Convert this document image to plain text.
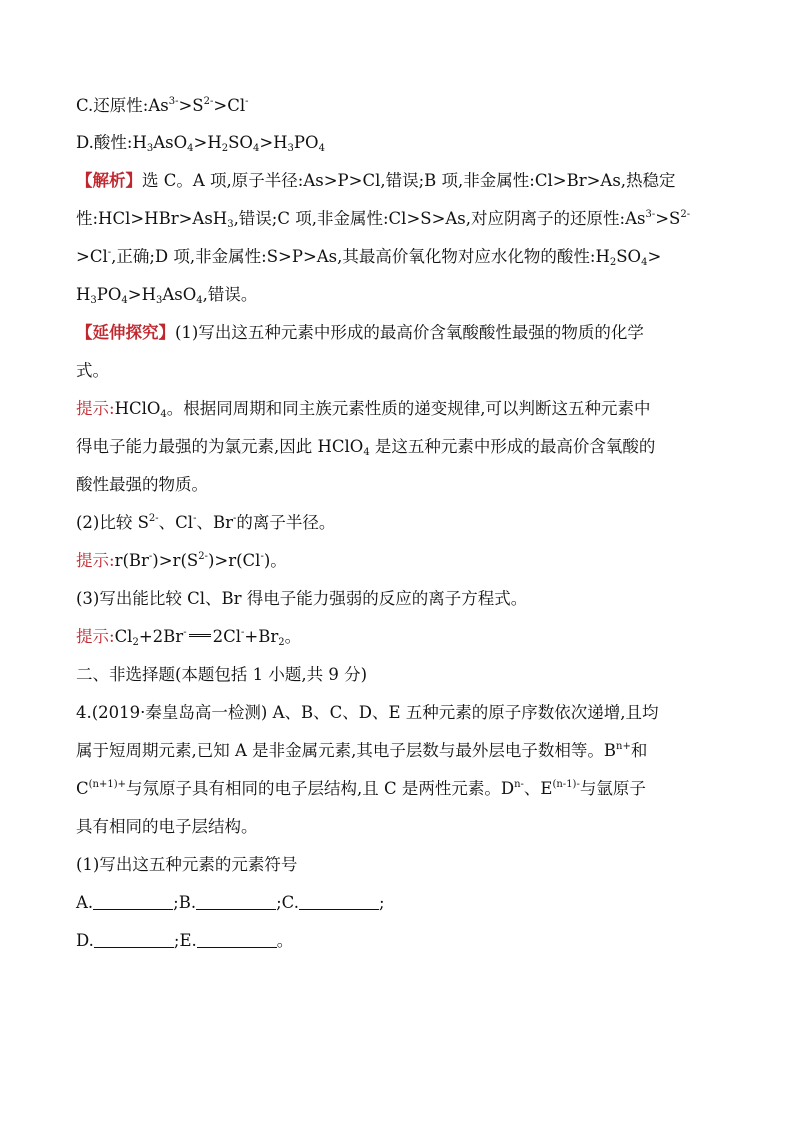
C.还原性$:As^{3-}>S^{2-}>Cl^-$
D.酸性$:H_3AsO_4>H_2SO_4>H_3PO_4$
【解析】选 C。A 项,原子半径:As>P>Cl,错误;B 项,非金属性:Cl>Br>As,热稳定
性:HCl>HBr>AsH$_3$,错误;C 项,非金属性:Cl>S>As,对应阴离子的还原性$:As^{3-}>S^{2-}$
>Cl-,正确;D 项,非金属性:S>P>As,其最高价氧化物对应水化物的酸性$:H_2SO_4>$
$H_3PO_4>H_3AsO_4$,错误。
【延伸探究】(1)写出这五种元素中形成的最高价含氧酸酸性最强的物质的化学
式。
提示:HClO$_4$。根据同周期和同主族元素性质的递变规律,可以判断这五种元素中
得电子能力最强的为氯元素,因此 HClO$_4$ 是这五种元素中形成的最高价含氧酸的
酸性最强的物质。
(2)比较 $S^{2-}$、Cl-、Br-的离子半径。
提示$:r(Br^-)>r(S^{2-})>r(Cl^-)$。
(3)写出能比较 Cl、Br 得电子能力强弱的反应的离子方程式。
提示$:Cl_2+2Br^-$ $2Cl^-+Br_2$。
二、非选择题(本题包括 1 小题,共 9 分)
4.(2019·秦皇岛高一检测) A、B、C、D、E 五种元素的原子序数依次递增,且均
属于短周期元素,已知 A 是非金属元素,其电子层数与最外层电子数相等。$B^{n+}$和
$C^{(n+1)+}$与氖原子具有相同的电子层结构,且 C 是两性元素。$D^{n-}$、$E^{(n-1)-}$与氩原子
具有相同的电子层结构。
(1)写出这五种元素的元素符号
A.	;B.	;C.	;
D.	;E.	。
